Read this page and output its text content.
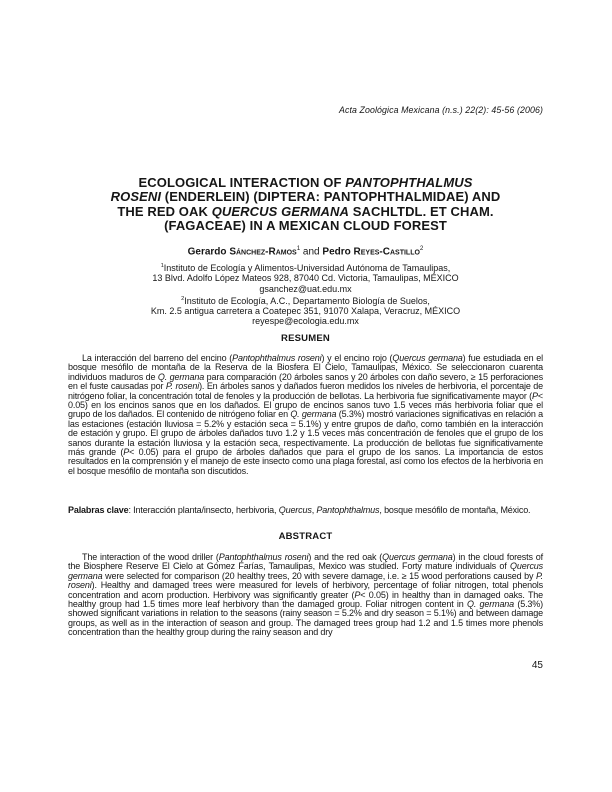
Acta Zoológica Mexicana (n.s.) 22(2): 45-56 (2006)
ECOLOGICAL INTERACTION OF PANTOPHTHALMUS
ROSENI (ENDERLEIN) (DIPTERA: PANTOPHTHALMIDAE) AND
THE RED OAK QUERCUS GERMANA SACHLTDL. ET CHAM.
(FAGACEAE) IN A MEXICAN CLOUD FOREST
Gerardo Sánchez-Ramos$^1$ and Pedro Reyes-Castillo$^2$
$^1$Instituto de Ecología y Alimentos-Universidad Autónoma de Tamaulipas,
13 Blvd. Adolfo López Mateos 928, 87040 Cd. Victoria, Tamaulipas, MÉXICO
gsanchez@uat.edu.mx
$^2$Instituto de Ecología, A.C., Departamento Biología de Suelos,
Km. 2.5 antigua carretera a Coatepec 351, 91070 Xalapa, Veracruz, MÉXICO
reyespe@ecologia.edu.mx
RESUMEN
La interacción del barreno del encino (Pantophthalmus roseni) y el encino rojo (Quercus germana) fue estudiada en el bosque mesófilo de montaña de la Reserva de la Biosfera El Cielo, Tamaulipas, México. Se seleccionaron cuarenta individuos maduros de Q. germana para comparación (20 árboles sanos y 20 árboles con daño severo, ≥ 15 perforaciones en el fuste causadas por P. roseni). En árboles sanos y dañados fueron medidos los niveles de herbivoria, el porcentaje de nitrógeno foliar, la concentración total de fenoles y la producción de bellotas. La herbivoria fue significativamente mayor (P< 0.05) en los encinos sanos que en los dañados. El grupo de encinos sanos tuvo 1.5 veces más herbivoria foliar que el grupo de los dañados. El contenido de nitrógeno foliar en Q. germana (5.3%) mostró variaciones significativas en relación a las estaciones (estación lluviosa = 5.2% y estación seca = 5.1%) y entre grupos de daño, como también en la interacción de estación y grupo. El grupo de árboles dañados tuvo 1.2 y 1.5 veces más concentración de fenoles que el grupo de los sanos durante la estación lluviosa y la estación seca, respectivamente. La producción de bellotas fue significativamente más grande (P< 0.05) para el grupo de árboles dañados que para el grupo de los sanos. La importancia de estos resultados en la comprensión y el manejo de este insecto como una plaga forestal, así como los efectos de la herbivoria en el bosque mesófilo de montaña son discutidos.
Palabras clave: Interacción planta/insecto, herbivoria, Quercus, Pantophthalmus, bosque mesófilo de montaña, México.
ABSTRACT
The interaction of the wood driller (Pantophthalmus roseni) and the red oak (Quercus germana) in the cloud forests of the Biosphere Reserve El Cielo at Gómez Farías, Tamaulipas, Mexico was studied. Forty mature individuals of Quercus germana were selected for comparison (20 healthy trees, 20 with severe damage, i.e. ≥ 15 wood perforations caused by P. roseni). Healthy and damaged trees were measured for levels of herbivory, percentage of foliar nitrogen, total phenols concentration and acorn production. Herbivory was significantly greater (P< 0.05) in healthy than in damaged oaks. The healthy group had 1.5 times more leaf herbivory than the damaged group. Foliar nitrogen content in Q. germana (5.3%) showed significant variations in relation to the seasons (rainy season = 5.2% and dry season = 5.1%) and between damage groups, as well as in the interaction of season and group. The damaged trees group had 1.2 and 1.5 times more phenols concentration than the healthy group during the rainy season and dry
45
